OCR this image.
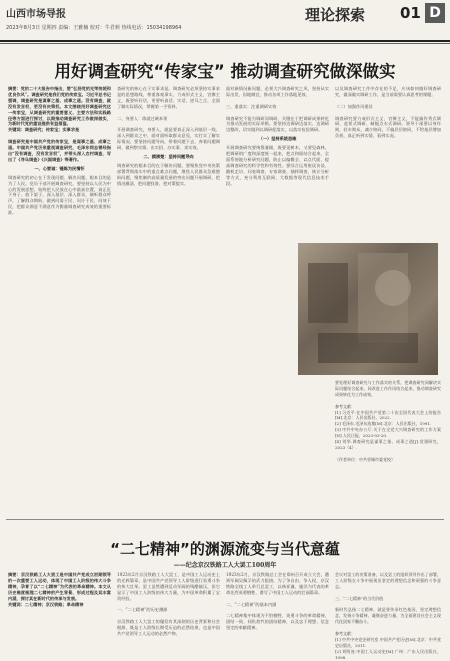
山西市场导报
2023年8月3日 星期四 责编：王雅楠 校对：牛君莉 热线电话：15034198964
理论探索 01 D
用好调查研究“传家宝” 推动调查研究做深做实
摘要：党的二十大报告中指出，要“弘扬党的光荣传统和优良作风”。调查研究是我们党的传家宝。习近平总书记强调，调查研究是谋事之基、成事之道。没有调查，就没有发言权，更没有决策权。本文围绕用好调查研究这一传家宝，从调查研究的重要意义、主要方法和实践路径等方面进行探讨，以期推动调查研究工作做深做实，为新时代党的建设提供有益借鉴。
关键词：调查研究；传家宝；实事求是

调查研究是中国共产党的传家宝，是谋事之基、成事之道。中国共产党历来重视调查研究，毛泽东同志曾经指出“没有调查，没有发言权”，并带头深入农村调查，写出了《寻乌调查》《兴国调查》等著作。
一、心要诚：锤炼为民情怀
调查研究的初心在于发现问题、解决问题，根本目的是为了人民。党员干部开展调查研究，要坚持以人民为中心的发展思想，始终把人民放在心中最高位置，真正沉下身子、放下架子，深入基层、深入群众，倾听群众呼声，了解群众期盼，做到问需于民、问计于民、问效于民，把群众满意不满意作为衡量调查研究成效的重要标准。
查研究的核心在于实事求是。调查研究必须坚持实事求是的思想路线，尊重客观事实，力戒形式主义、官僚主义，既要听好话，更要听真话、实话、逆耳之言，全面了解实际情况，掌握第一手资料。

二、身要入：练就过硬本领

开展调查研究，身要入，就是要真正深入到基层一线、深入到群众之中，面对面听取群众意见，实打实了解实际情况。要坚持问题导向，带着问题下去，奔着问题调研，做到察实情、出实招、办实事、求实效。
二、摸清楚：坚持问题导向
调查研究的根本目的在于解决问题。要聚焦党中央决策部署贯彻落实中的重点难点问题，聚焦人民群众急难愁盼问题，聚焦制约高质量发展的突出问题开展调研，把情况摸清、把问题找准、把对策提实。
面对新情况新问题，必须大兴调查研究之风，坚持从实际出发、因地制宜，推动各项工作落地见效。

三、重落实：注重调研实效

调查研究不能为调研而调研，关键在于把调研成果转化为推动发展的实际举措。要坚持边调研边落实、边调研边整改，切实做到以调研促落实、以落实检验调研。
（一）坚持系统思维
开展调查研究要统筹兼顾，既要见树木，又要见森林，把调研的广度和深度统一起来，把点和面结合起来，全面系统地分析研究问题，防止以偏概全、以点代面，提高调查研究的科学性和有效性。要综合运用座谈访谈、随机走访、问卷调查、专家调查、抽样调查、统计分析等方式，充分利用互联网、大数据等现代信息技术手段。
以及调查研究工作中存在的不足，应该如何做好调查研究，做深做实调研工作，是当前需要认真思考的课题。

（二）加强作风建设

调查研究要力戒形式主义、官僚主义，不能搞作秀式调研、盆景式调研、蜻蜓点水式调研。领导干部要以身作则，轻车简从、减少陪同，不搞层层陪同，不给基层增加负担，真正听到实情、看到实况。
要处理好调查研究与工作落实的关系，把调查研究同解决实际问题结合起来，同改进工作作风结合起来，推动调查研究成果转化为工作成效。

参考文献：
[1] 习近平.在中国共产党第二十次全国代表大会上的报告[M].北京：人民出版社，2022.
[2] 毛泽东.毛泽东选集[M].北京：人民出版社，1991.
[3] 中共中央办公厅.关于在全党大兴调查研究的工作方案[N].人民日报，2023-03-20.
[4] 刘华.调查研究是谋事之基、成事之道[J].党建研究，2023（4）.

（作者单位：中共晋城市委党校）
“二七精神”的渊源流变与当代意蕴
——纪念京汉铁路工人大罢工100周年
摘要：京汉铁路工人大罢工是中国共产党成立初期领导的一次重要工人运动，体现了中国工人阶级的伟大斗争精神，孕育了以“二七精神”为代表的革命精神。本文从历史维度梳理二七精神的产生背景、形成过程及其丰富内涵，探讨其在新时代的传承与发展。
关键词：二七精神；京汉铁路；革命精神
1923年2月京汉铁路工人大罢工，是中国工人运动史上的光辉篇章，是中国共产党领导工人阶级进行英勇斗争的伟大壮举。罢工虽然遭到反动军阀的残酷镇压，但它显示了中国工人阶级的伟大力量，为中国革命积累了宝贵经验。

一、“二七精神”的历史渊源

京汉铁路工人大罢工的爆发有其深刻的历史背景和社会根源，既是工人阶级长期受压迫的必然结果，也是中国共产党领导工人运动的必然产物。
1923年2月，京汉铁路总工会在郑州召开成立大会，遭到军阀吴佩孚的武力阻挠。为了争自由、争人权，京汉铁路全线工人举行总罢工，以林祥谦、施洋为代表的革命先烈英勇牺牲，谱写了中国工人运动的壮丽篇章。

二、“二七精神”的基本内涵

二七精神集中体现为不怕牺牲、英勇斗争的革命精神，团结一致、同仇敌忾的团结精神，以及忠于理想、信念坚定的奉献精神。
会议对罢工的决策准备，以及罢工的组织领导作出了部署，工人阶级在斗争中展现出坚定的理想信念和顽强的斗争意志。

三、“二七精神”的当代价值

新时代弘扬二七精神，就是要传承红色基因，坚定理想信念，发扬斗争精神，凝聚奋进力量，为全面建设社会主义现代化国家不懈奋斗。

参考文献：
[1] 中共中央党史研究室.中国共产党历史[M].北京：中共党史出版社，2011.
[2] 刘明逵.中国工人运动史[M].广州：广东人民出版社，1998.
